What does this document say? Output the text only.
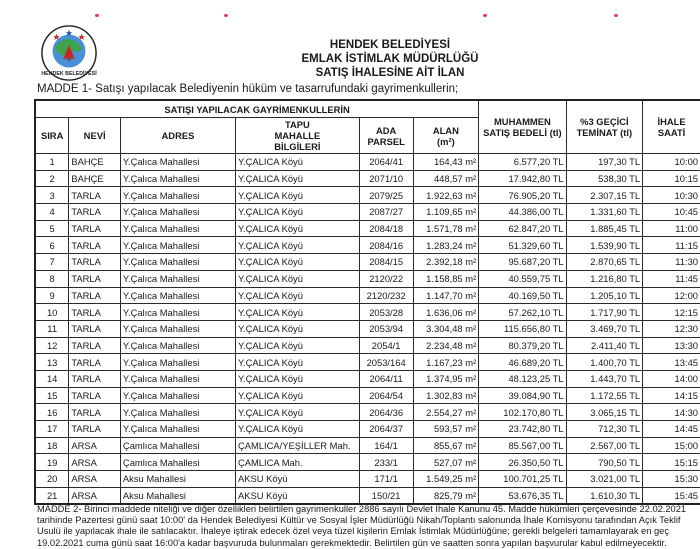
HENDEK BELEDİYESİ
HENDEK BELEDİYESİ
EMLAK İSTİMLAK MÜDÜRLÜĞÜ
SATIŞ İHALESİNE AİT İLAN
MADDE 1- Satışı yapılacak Belediyenin hüküm ve tasarrufundaki gayrimenkullerin;
SATIŞI YAPILACAK GAYRİMENKULLERİN						MUHAMMEN SATIŞ BEDELİ (tl)	%3 GEÇİCİ TEMİNAT (tl)	İHALE SAATİ
SIRA	NEVİ	ADRES	TAPU MAHALLE BİLGİLERİ	ADA PARSEL	ALAN (m²)			
1	BAHÇE	Y.Çalıca Mahallesi	Y.ÇALICA Köyü	2064/41	164,43 m²	6.577,20 TL	197,30 TL	10:00
2	BAHÇE	Y.Çalıca Mahallesi	Y.ÇALICA Köyü	2071/10	448,57 m²	17.942,80 TL	538,30 TL	10:15
3	TARLA	Y.Çalıca Mahallesi	Y.ÇALICA Köyü	2079/25	1.922,63 m²	76.905,20 TL	2.307,15 TL	10:30
4	TARLA	Y.Çalıca Mahallesi	Y.ÇALICA Köyü	2087/27	1.109,65 m²	44.386,00 TL	1.331,60 TL	10:45
5	TARLA	Y.Çalıca Mahallesi	Y.ÇALICA Köyü	2084/18	1.571,78 m²	62.847,20 TL	1.885,45 TL	11:00
6	TARLA	Y.Çalıca Mahallesi	Y.ÇALICA Köyü	2084/16	1.283,24 m²	51.329,60 TL	1.539,90 TL	11:15
7	TARLA	Y.Çalıca Mahallesi	Y.ÇALICA Köyü	2084/15	2.392,18 m²	95.687,20 TL	2.870,65 TL	11:30
8	TARLA	Y.Çalıca Mahallesi	Y.ÇALICA Köyü	2120/22	1.158,85 m²	40.559,75 TL	1.216,80 TL	11:45
9	TARLA	Y.Çalıca Mahallesi	Y.ÇALICA Köyü	2120/232	1.147,70 m²	40.169,50 TL	1.205,10 TL	12:00
10	TARLA	Y.Çalıca Mahallesi	Y.ÇALICA Köyü	2053/28	1.636,06 m²	57.262,10 TL	1.717,90 TL	12:15
11	TARLA	Y.Çalıca Mahallesi	Y.ÇALICA Köyü	2053/94	3.304,48 m²	115.656,80 TL	3.469,70 TL	12:30
12	TARLA	Y.Çalıca Mahallesi	Y.ÇALICA Köyü	2054/1	2.234,48 m²	80.379,20 TL	2.411,40 TL	13:30
13	TARLA	Y.Çalıca Mahallesi	Y.ÇALICA Köyü	2053/164	1.167,23 m²	46.689,20 TL	1.400,70 TL	13:45
14	TARLA	Y.Çalıca Mahallesi	Y.ÇALICA Köyü	2064/11	1.374,95 m²	48.123,25 TL	1.443,70 TL	14:00
15	TARLA	Y.Çalıca Mahallesi	Y.ÇALICA Köyü	2064/54	1.302,83 m²	39.084,90 TL	1.172,55 TL	14:15
16	TARLA	Y.Çalıca Mahallesi	Y.ÇALICA Köyü	2064/36	2.554,27 m²	102.170,80 TL	3.065,15 TL	14:30
17	TARLA	Y.Çalıca Mahallesi	Y.ÇALICA Köyü	2064/37	593,57 m²	23.742,80 TL	712,30 TL	14:45
18	ARSA	Çamlıca Mahallesi	ÇAMLICA/YEŞİLLER Mah.	164/1	855,67 m²	85.567,00 TL	2.567,00 TL	15:00
19	ARSA	Çamlıca Mahallesi	ÇAMLICA Mah.	233/1	527,07 m²	26.350,50 TL	790,50 TL	15:15
20	ARSA	Aksu Mahallesi	AKSU Köyü	171/1	1.549,25 m²	100.701,25 TL	3.021,00 TL	15:30
21	ARSA	Aksu Mahallesi	AKSU Köyü	150/21	825,79 m²	53.676,35 TL	1.610,30 TL	15:45
MADDE 2- Birinci maddede niteliği ve diğer özellikleri belirtilen gayrimenkuller 2886 sayılı Devlet İhale Kanunu 45. Madde hükümleri çerçevesinde 22.02.2021
tarihinde Pazertesi günü saat 10:00' da Hendek Belediyesi Kültür ve Sosyal İşler Müdürlüğü Nikah/Toplantı salonunda İhale Komisyonu tarafından Açık Teklif
Usulü ile yapılacak ihale ile satılacaktır. İhaleye iştirak edecek özel veya tüzel kişilerin Emlak İstimlak Müdürlüğüne; gerekli belgeleri tamamlayarak en geç
19.02.2021 cuma günü saat 16:00'a kadar başvuruda bulunmaları gerekmektedir. Belirtilen gün ve saatten sonra yapılan başvurular kabul edilmeyecektir.
